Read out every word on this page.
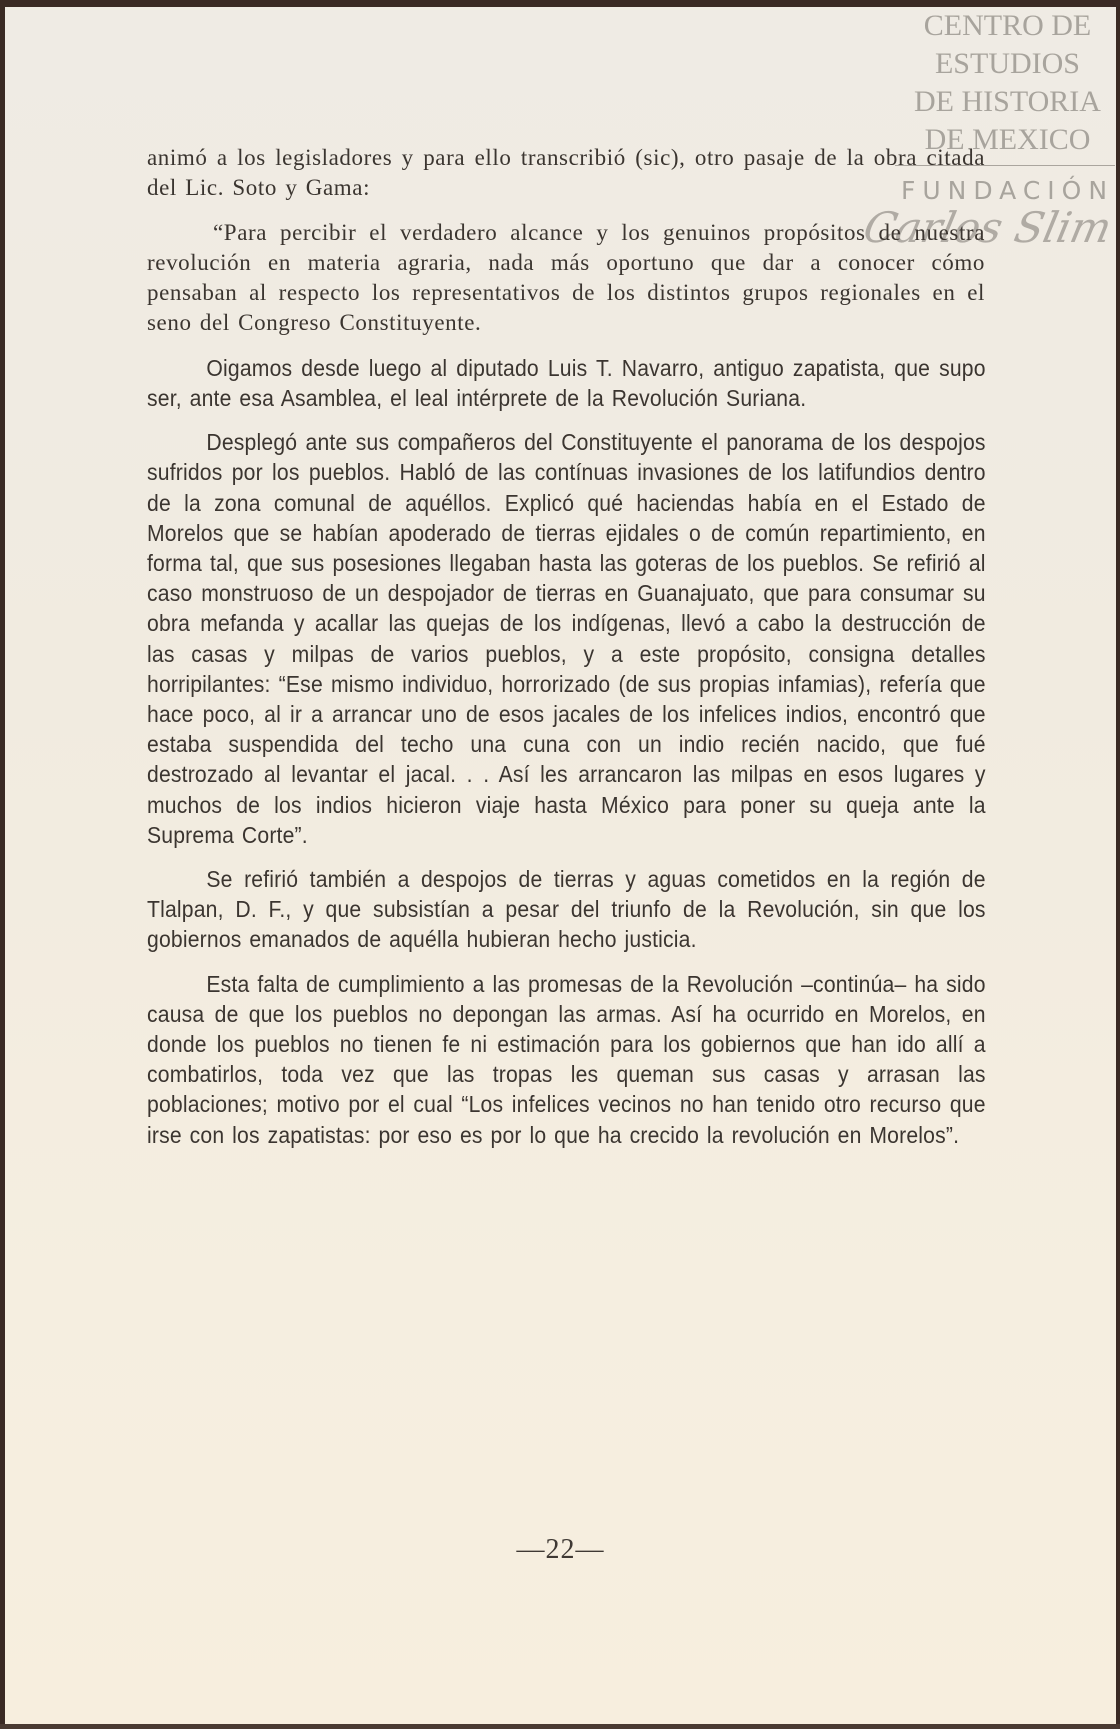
CENTRO DE
ESTUDIOS
DE HISTORIA
DE MEXICO
FUNDACIÓN
Carlos Slim

animó a los legisladores y para ello transcribió (sic), otro pasaje de la obra citada del Lic. Soto y Gama:

“Para percibir el verdadero alcance y los genuinos propósitos de nuestra revolución en materia agraria, nada más oportuno que dar a conocer cómo pensaban al respecto los representativos de los distintos grupos regionales en el seno del Congreso Constituyente.

Oigamos desde luego al diputado Luis T. Navarro, antiguo zapatista, que supo ser, ante esa Asamblea, el leal intérprete de la Revolución Suriana.

Desplegó ante sus compañeros del Constituyente el panorama de los despojos sufridos por los pueblos. Habló de las contínuas invasiones de los latifundios dentro de la zona comunal de aquéllos. Explicó qué haciendas había en el Estado de Morelos que se habían apoderado de tierras ejidales o de común repartimiento, en forma tal, que sus posesiones llegaban hasta las goteras de los pueblos. Se refirió al caso monstruoso de un despojador de tierras en Guanajuato, que para consumar su obra mefanda y acallar las quejas de los indígenas, llevó a cabo la destrucción de las casas y milpas de varios pueblos, y a este propósito, consigna detalles horripilantes: “Ese mismo individuo, horrorizado (de sus propias infamias), refería que hace poco, al ir a arrancar uno de esos jacales de los infelices indios, encontró que estaba suspendida del techo una cuna con un indio recién nacido, que fué destrozado al levantar el jacal. . . Así les arrancaron las milpas en esos lugares y muchos de los indios hicieron viaje hasta México para poner su queja ante la Suprema Corte”.

Se refirió también a despojos de tierras y aguas cometidos en la región de Tlalpan, D. F., y que subsistían a pesar del triunfo de la Revolución, sin que los gobiernos emanados de aquélla hubieran hecho justicia.

Esta falta de cumplimiento a las promesas de la Revolución –continúa– ha sido causa de que los pueblos no depongan las armas. Así ha ocurrido en Morelos, en donde los pueblos no tienen fe ni estimación para los gobiernos que han ido allí a combatirlos, toda vez que las tropas les queman sus casas y arrasan las poblaciones; motivo por el cual “Los infelices vecinos no han tenido otro recurso que irse con los zapatistas: por eso es por lo que ha crecido la revolución en Morelos”.

—22—
